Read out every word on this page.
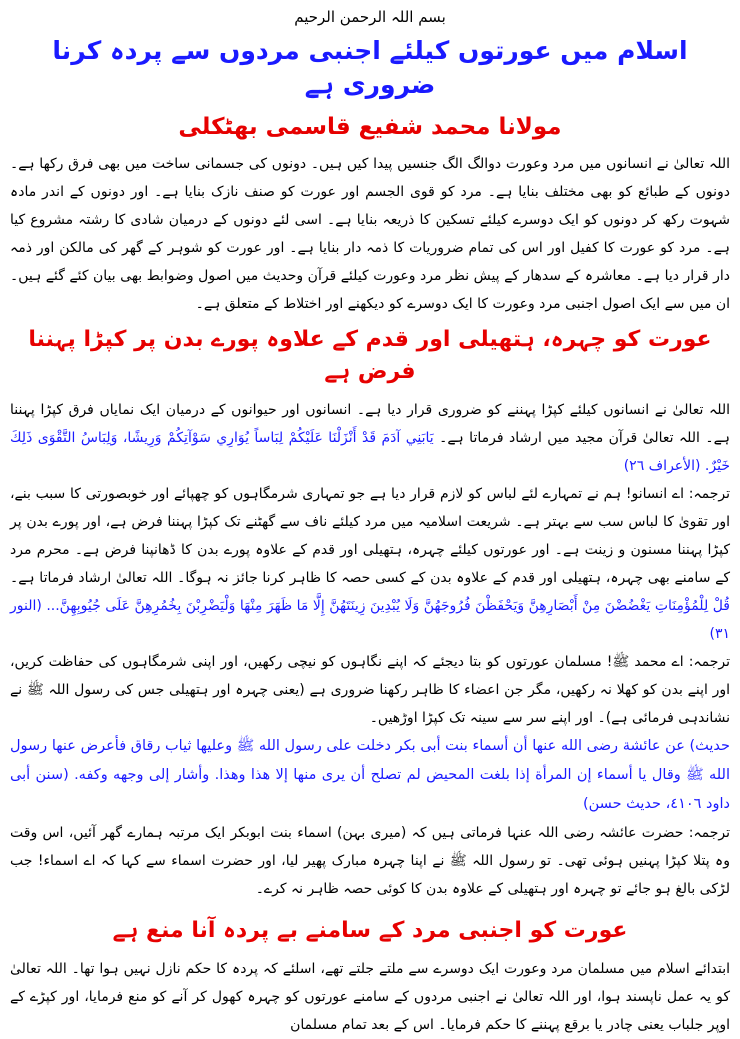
بسم اللہ الرحمن الرحیم
اسلام میں عورتوں کیلئے اجنبی مردوں سے پردہ کرنا ضروری ہے
مولانا محمد شفیع قاسمی بھٹکلی

اللہ تعالیٰ نے انسانوں میں مرد وعورت دوالگ الگ جنسیں پیدا کیں ہیں۔ دونوں کی جسمانی ساخت میں بھی فرق رکھا ہے۔ دونوں کے طبائع کو بھی مختلف بنایا ہے۔ مرد کو قوی الجسم اور عورت کو صنف نازک بنایا ہے۔ اور دونوں کے اندر مادہ شہوت رکھ کر دونوں کو ایک دوسرے کیلئے تسکین کا ذریعہ بنایا ہے۔ اسی لئے دونوں کے درمیان شادی کا رشتہ مشروع کیا ہے۔ مرد کو عورت کا کفیل اور اس کی تمام ضروریات کا ذمہ دار بنایا ہے۔ اور عورت کو شوہر کے گھر کی مالکن اور ذمہ دار قرار دیا ہے۔ معاشرہ کے سدھار کے پیش نظر مرد وعورت کیلئے قرآن وحدیث میں اصول وضوابط بھی بیان کئے گئے ہیں۔ ان میں سے ایک اصول اجنبی مرد وعورت کا ایک دوسرے کو دیکھنے اور اختلاط کے متعلق ہے۔

عورت کو چہرہ، ہتھیلی اور قدم کے علاوہ پورے بدن پر کپڑا پہننا فرض ہے

اللہ تعالیٰ نے انسانوں کیلئے کپڑا پہننے کو ضروری قرار دیا ہے۔ انسانوں اور حیوانوں کے درمیان ایک نمایاں فرق کپڑا پہننا ہے۔ اللہ تعالیٰ قرآن مجید میں ارشاد فرماتا ہے۔ يَابَنِي آدَمَ قَدْ أَنْزَلْنَا عَلَيْكُمْ لِبَاساً يُوَارِي سَوْآتِكُمْ وَرِيشًا، وَلِبَاسُ التَّقْوَى ذَلِكَ خَيْرٌ. (الأعراف ٢٦)

ترجمہ: اے انسانو! ہم نے تمہارے لئے لباس کو لازم قرار دیا ہے جو تمہاری شرمگاہوں کو چھپائے اور خوبصورتی کا سبب بنے، اور تقویٰ کا لباس سب سے بہتر ہے۔ شریعت اسلامیہ میں مرد کیلئے ناف سے گھٹنے تک کپڑا پہننا فرض ہے، اور پورے بدن پر کپڑا پہننا مسنون و زینت ہے۔ اور عورتوں کیلئے چہرہ، ہتھیلی اور قدم کے علاوہ پورے بدن کا ڈھانپنا فرض ہے۔ محرم مرد کے سامنے بھی چہرہ، ہتھیلی اور قدم کے علاوہ بدن کے کسی حصہ کا ظاہر کرنا جائز نہ ہوگا۔ اللہ تعالیٰ ارشاد فرماتا ہے۔ قُلْ لِلْمُؤْمِنَاتِ يَغْضُضْنَ مِنْ أَبْصَارِهِنَّ وَيَحْفَظْنَ فُرُوجَهُنَّ وَلَا يُبْدِينَ زِينَتَهُنَّ إِلَّا مَا ظَهَرَ مِنْهَا وَلْيَضْرِبْنَ بِخُمُرِهِنَّ عَلَى جُيُوبِهِنَّ... (النور ٣١)

ترجمہ: اے محمد ﷺ! مسلمان عورتوں کو بتا دیجئے کہ اپنے نگاہوں کو نیچی رکھیں، اور اپنی شرمگاہوں کی حفاظت کریں، اور اپنے بدن کو کھلا نہ رکھیں، مگر جن اعضاء کا ظاہر رکھنا ضروری ہے (یعنی چہرہ اور ہتھیلی جس کی رسول اللہ ﷺ نے نشاندہی فرمائی ہے)۔ اور اپنے سر سے سینہ تک کپڑا اوڑھیں۔

حديث) عن عائشة رضى الله عنها أن أسماء بنت أبى بكر دخلت على رسول الله ﷺ وعليها ثياب رقاق فأعرض عنها رسول الله ﷺ وقال يا أسماء إن المرأة إذا بلغت المحيض لم تصلح أن يرى منها إلا هذا وهذا. وأشار إلى وجهه وكفه. (سنن أبى داود ٤١٠٦، حديث حسن)

ترجمہ: حضرت عائشہ رضی اللہ عنہا فرماتی ہیں کہ (میری بہن) اسماء بنت ابوبکر ایک مرتبہ ہمارے گھر آئیں، اس وقت وہ پتلا کپڑا پہنیں ہوئی تھی۔ تو رسول اللہ ﷺ نے اپنا چہرہ مبارک پھیر لیا، اور حضرت اسماء سے کہا کہ اے اسماء! جب لڑکی بالغ ہو جائے تو چہرہ اور ہتھیلی کے علاوہ بدن کا کوئی حصہ ظاہر نہ کرے۔

عورت کو اجنبی مرد کے سامنے بے پردہ آنا منع ہے

ابتدائے اسلام میں مسلمان مرد وعورت ایک دوسرے سے ملتے جلتے تھے، اسلئے کہ پردہ کا حکم نازل نہیں ہوا تھا۔ اللہ تعالیٰ کو یہ عمل ناپسند ہوا، اور اللہ تعالیٰ نے اجنبی مردوں کے سامنے عورتوں کو چہرہ کھول کر آنے کو منع فرمایا، اور کپڑے کے اوپر جلباب یعنی چادر یا برقع پہننے کا حکم فرمایا۔ اس کے بعد تمام مسلمان
